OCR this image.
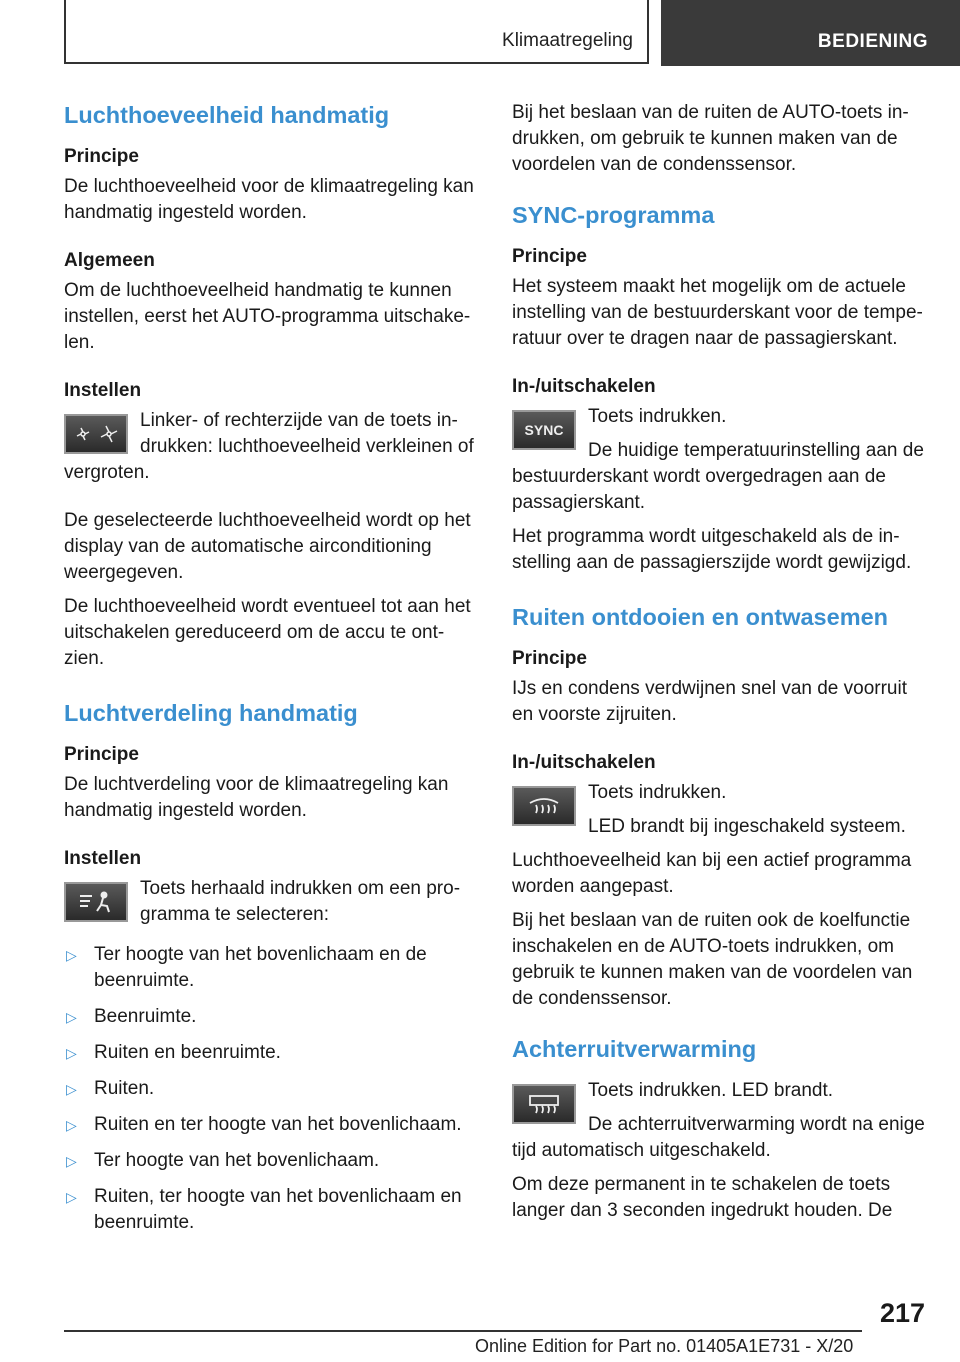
Klimaatregeling	BEDIENING
Luchthoeveelheid handmatig
Principe

De luchthoeveelheid voor de klimaatregeling kan handmatig ingesteld worden.

Algemeen

Om de luchthoeveelheid handmatig te kunnen instellen, eerst het AUTO-programma uitschake-len.

Instellen

Linker- of rechterzijde van de toets in-drukken: luchthoeveelheid verkleinen of vergroten.

De geselecteerde luchthoeveelheid wordt op het display van de automatische airconditioning weergegeven.

De luchthoeveelheid wordt eventueel tot aan het uitschakelen gereduceerd om de accu te ont-zien.

Luchtverdeling handmatig
Principe

De luchtverdeling voor de klimaatregeling kan handmatig ingesteld worden.

Instellen

Toets herhaald indrukken om een pro-gramma te selecteren:

▷ Ter hoogte van het bovenlichaam en de beenruimte.
▷ Beenruimte.
▷ Ruiten en beenruimte.
▷ Ruiten.
▷ Ruiten en ter hoogte van het bovenlichaam.
▷ Ter hoogte van het bovenlichaam.
▷ Ruiten, ter hoogte van het bovenlichaam en beenruimte.

Bij het beslaan van de ruiten de AUTO-toets in-drukken, om gebruik te kunnen maken van de voordelen van de condenssensor.

SYNC-programma
Principe

Het systeem maakt het mogelijk om de actuele instelling van de bestuurderskant voor de tempe-ratuur over te dragen naar de passagierskant.

In-/uitschakelen
SYNC

Toets indrukken.

De huidige temperatuurinstelling aan de bestuurderskant wordt overgedragen aan de passagierskant.

Het programma wordt uitgeschakeld als de in-stelling aan de passagierszijde wordt gewijzigd.

Ruiten ontdooien en ontwasemen
Principe

IJs en condens verdwijnen snel van de voorruit en voorste zijruiten.

In-/uitschakelen

Toets indrukken.

LED brandt bij ingeschakeld systeem.

Luchthoeveelheid kan bij een actief programma worden aangepast.

Bij het beslaan van de ruiten ook de koelfunctie inschakelen en de AUTO-toets indrukken, om gebruik te kunnen maken van de voordelen van de condenssensor.

Achterruitverwarming

Toets indrukken. LED brandt.

De achterruitverwarming wordt na enige tijd automatisch uitgeschakeld.

Om deze permanent in te schakelen de toets langer dan 3 seconden ingedrukt houden. De

217
Online Edition for Part no. 01405A1E731 - X/20
